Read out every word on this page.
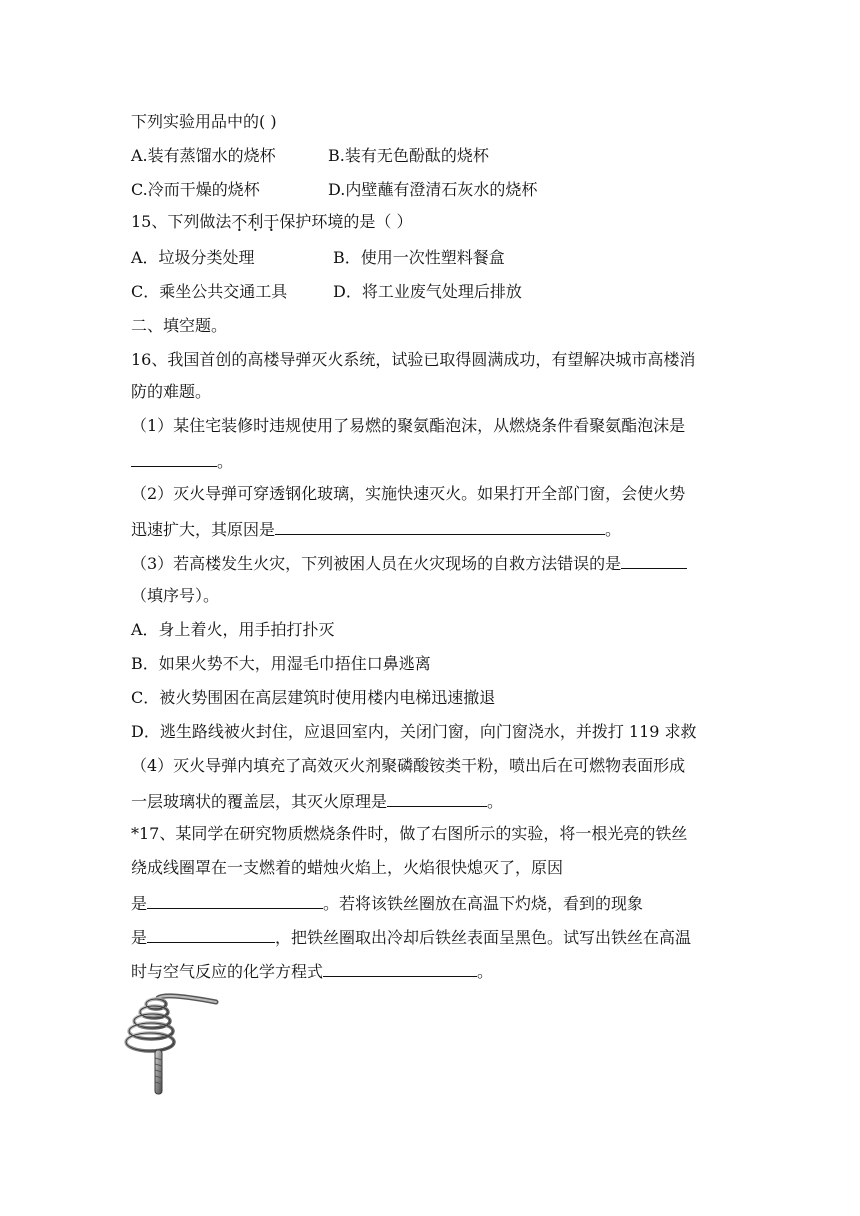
下列实验用品中的( )
A.装有蒸馏水的烧杯	B.装有无色酚酞的烧杯
C.冷而干燥的烧杯	D.内壁蘸有澄清石灰水的烧杯
15、下列做法不利于保护环境的是（ ）
A．垃圾分类处理	B．使用一次性塑料餐盒
C．乘坐公共交通工具	D．将工业废气处理后排放
二、填空题。
16、我国首创的高楼导弹灭火系统，试验已取得圆满成功，有望解决城市高楼消
防的难题。
（1）某住宅装修时违规使用了易燃的聚氨酯泡沫，从燃烧条件看聚氨酯泡沫是
。
（2）灭火导弹可穿透钢化玻璃，实施快速灭火。如果打开全部门窗，会使火势
迅速扩大，其原因是	。
（3）若高楼发生火灾，下列被困人员在火灾现场的自救方法错误的是
（填序号）。
A．身上着火，用手拍打扑灭
B．如果火势不大，用湿毛巾捂住口鼻逃离
C．被火势围困在高层建筑时使用楼内电梯迅速撤退
D．逃生路线被火封住，应退回室内，关闭门窗，向门窗浇水，并拨打 119 求救
（4）灭火导弹内填充了高效灭火剂聚磷酸铵类干粉，喷出后在可燃物表面形成
一层玻璃状的覆盖层，其灭火原理是	。
*17、某同学在研究物质燃烧条件时，做了右图所示的实验，将一根光亮的铁丝
绕成线圈罩在一支燃着的蜡烛火焰上，火焰很快熄灭了，原因
是	。若将该铁丝圈放在高温下灼烧，看到的现象
是	，把铁丝圈取出冷却后铁丝表面呈黑色。试写出铁丝在高温
时与空气反应的化学方程式	。
